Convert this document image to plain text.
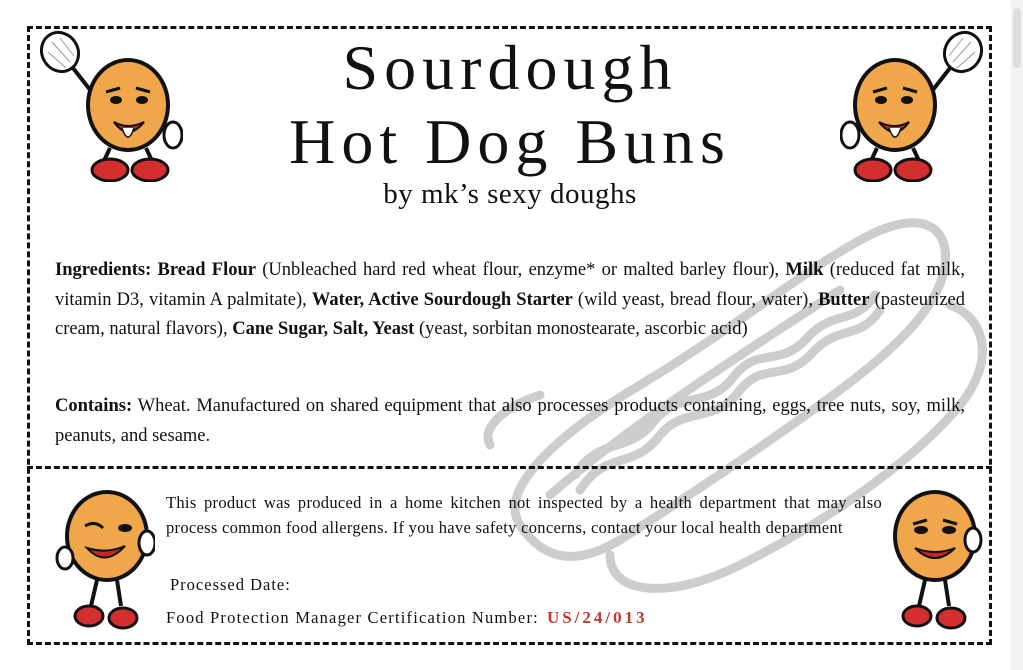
Sourdough
Hot Dog Buns
by mk’s sexy doughs
Ingredients: Bread Flour (Unbleached hard red wheat flour, enzyme* or malted barley flour), Milk (reduced fat milk, vitamin D3, vitamin A palmitate), Water, Active Sourdough Starter (wild yeast, bread flour, water), Butter (pasteurized cream, natural flavors), Cane Sugar, Salt, Yeast (yeast, sorbitan monostearate, ascorbic acid)
Contains: Wheat. Manufactured on shared equipment that also processes products containing, eggs, tree nuts, soy, milk, peanuts, and sesame.
This product was produced in a home kitchen not inspected by a health department that may also process common food allergens. If you have safety concerns, contact your local health department
Processed Date:
Food Protection Manager Certification Number: US/24/013
